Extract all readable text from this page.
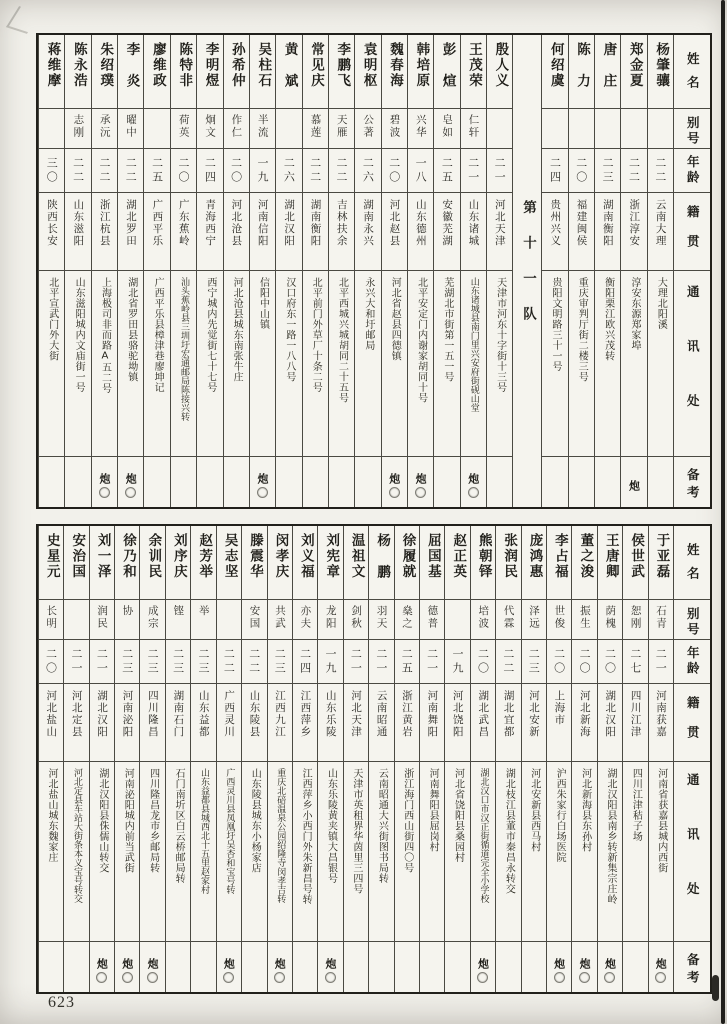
姓名
别号
年龄
籍贯
通讯处
备考
杨肇骧
二二
云南大理
大理北阳溪
郑金夏
二二
浙江淳安
淳安东源郑家埠
炮
唐庄
二三
湖南衡阳
衡阳栗江欧兴茂转
陈力
二〇
福建闽侯
重庆审判厅街二楼三号
何绍虞
二四
贵州兴义
贵阳文明路三十一号
第十一队
殷人义
二一
河北天津
天津市河东十字街十三号
王茂荣
仁轩
二一
山东诸城
山东诸城县南门里兴安府街砚山堂
炮
彭煊
皂如
二五
安徽芜湖
芜湖北市街第一五一号
韩培原
兴华
一八
山东德州
北平安定门内谢家胡同十号
炮
魏春海
碧波
二〇
河北赵县
河北省赵县四德镇
炮
袁明枢
公著
二六
湖南永兴
永兴大和圩邮局
李鹏飞
天雁
二二
吉林扶余
北平西城兴城胡同二十五号
常见庆
慕莲
二二
湖南衡阳
北平前门外草厂十条二号
黄斌
二六
湖北汉阳
汉口府东一路一八八号
吴柱石
半流
一九
河南信阳
信阳中山镇
炮
孙希仲
作仁
二〇
河北沧县
河北沧县城东南张牛庄
李明煜
炯文
二四
青海西宁
西宁城内先觉街七十七号
陈特非
荷英
二〇
广东蕉岭
汕头蕉岭县三圳圩宏通邮局陈接兴转
廖维政
二五
广西平乐
广西平乐县樟津巷廖坤记
李炎
曜中
二二
湖北罗田
湖北省罗田县骆驼坳镇
炮
朱绍璞
承沅
二二
浙江杭县
上海极司非而路A五二号
炮
陈永浩
志刚
二二
山东滋阳
山东滋阳城内文庙街一号
蒋维摩
三〇
陕西长安
北平宣武门外大街
姓名
别号
年龄
籍贯
通讯处
备考
于亚磊
石青
二一
河南获嘉
河南省获嘉县城内西街
炮
侯世武
恕刚
二七
四川江津
四川江津秸子场
王唐卿
荫槐
二〇
湖北汉阳
湖北汉阳县南乡转新集宗庄岭
炮
董之浚
振生
二〇
河北新海
河北新海县东孙村
炮
李占福
世俊
二〇
上海市
沪西朱家行白场医院
炮
庞鸿惠
泽远
二三
河北安新
河北安新县西马村
张润民
代霖
二二
湖北宜都
湖北枝江县董市秦昌永转交
熊朝铎
培波
二〇
湖北武昌
湖北汉口市汉正街循道完全小学校
炮
赵正英
一九
河北饶阳
河北省饶阳县桑园村
屈国基
德普
二一
河南舞阳
河南舞阳县屈岗村
徐履就
燊之
二五
浙江黄岩
浙江海门西山街四〇号
杨鹏
羽天
二一
云南昭通
云南昭通大兴街图书局转
温祖文
剑秋
二一
河北天津
天津市英租界华茵里三四号
刘宪章
龙阳
一九
山东乐陵
山东乐陵黄夹镇大昌银号
炮
刘义福
亦夫
二四
江西萍乡
江西萍乡小西门外朱新昌号转
闵孝庆
共武
二三
江西九江
重庆北碚温泉公园绍隆寺闵孝吉转
炮
滕震华
安国
二二
山东陵县
山东陵县城东小杨家店
吴志坚
二二
广西灵川
广西灵川县凤凰圩吴杏和宝号转
炮
赵芳举
举
二三
山东益都
山东益都县城西北十五里赵家村
刘序庆
铿
二三
湖南石门
石门南圻区白云桥邮局转
余训民
成宗
二三
四川隆昌
四川隆昌龙市乡邮局转
炮
徐乃和
协
二三
河南泌阳
河南泌阳城内前当武街
炮
刘一泽
润民
二一
湖北汉阳
湖北汉阳县侏儒山转交
炮
安治国
二一
河北定县
河北定县车站大街条本义宝号转交
史星元
长明
二〇
河北盐山
河北盐山城东魏家庄
623
